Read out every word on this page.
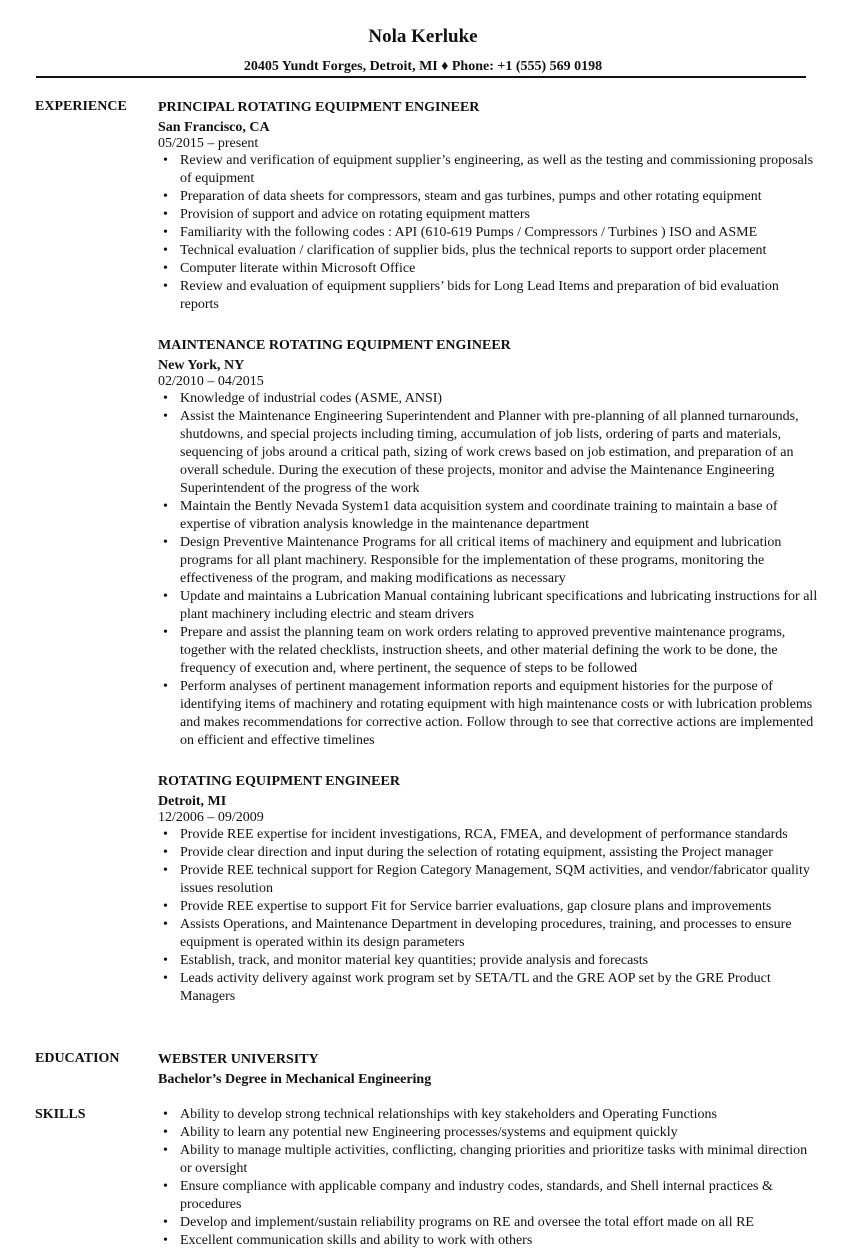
Nola Kerluke
20405 Yundt Forges, Detroit, MI ♦ Phone: +1 (555) 569 0198
EXPERIENCE PRINCIPAL ROTATING EQUIPMENT ENGINEER
San Francisco, CA
05/2015 – present
• Review and verification of equipment supplier’s engineering, as well as the testing and commissioning proposals of equipment
• Preparation of data sheets for compressors, steam and gas turbines, pumps and other rotating equipment
• Provision of support and advice on rotating equipment matters
• Familiarity with the following codes : API (610-619 Pumps / Compressors / Turbines ) ISO and ASME
• Technical evaluation / clarification of supplier bids, plus the technical reports to support order placement
• Computer literate within Microsoft Office
• Review and evaluation of equipment suppliers’ bids for Long Lead Items and preparation of bid evaluation reports
MAINTENANCE ROTATING EQUIPMENT ENGINEER
New York, NY
02/2010 – 04/2015
• Knowledge of industrial codes (ASME, ANSI)
• Assist the Maintenance Engineering Superintendent and Planner with pre-planning of all planned turnarounds, shutdowns, and special projects including timing, accumulation of job lists, ordering of parts and materials, sequencing of jobs around a critical path, sizing of work crews based on job estimation, and preparation of an overall schedule. During the execution of these projects, monitor and advise the Maintenance Engineering Superintendent of the progress of the work
• Maintain the Bently Nevada System1 data acquisition system and coordinate training to maintain a base of expertise of vibration analysis knowledge in the maintenance department
• Design Preventive Maintenance Programs for all critical items of machinery and equipment and lubrication programs for all plant machinery. Responsible for the implementation of these programs, monitoring the effectiveness of the program, and making modifications as necessary
• Update and maintains a Lubrication Manual containing lubricant specifications and lubricating instructions for all plant machinery including electric and steam drivers
• Prepare and assist the planning team on work orders relating to approved preventive maintenance programs, together with the related checklists, instruction sheets, and other material defining the work to be done, the frequency of execution and, where pertinent, the sequence of steps to be followed
• Perform analyses of pertinent management information reports and equipment histories for the purpose of identifying items of machinery and rotating equipment with high maintenance costs or with lubrication problems and makes recommendations for corrective action. Follow through to see that corrective actions are implemented on efficient and effective timelines
ROTATING EQUIPMENT ENGINEER
Detroit, MI
12/2006 – 09/2009
• Provide REE expertise for incident investigations, RCA, FMEA, and development of performance standards
• Provide clear direction and input during the selection of rotating equipment, assisting the Project manager
• Provide REE technical support for Region Category Management, SQM activities, and vendor/fabricator quality issues resolution
• Provide REE expertise to support Fit for Service barrier evaluations, gap closure plans and improvements
• Assists Operations, and Maintenance Department in developing procedures, training, and processes to ensure equipment is operated within its design parameters
• Establish, track, and monitor material key quantities; provide analysis and forecasts
• Leads activity delivery against work program set by SETA/TL and the GRE AOP set by the GRE Product Managers
EDUCATION	WEBSTER UNIVERSITY
Bachelor’s Degree in Mechanical Engineering
SKILLS
•	Ability to develop strong technical relationships with key stakeholders and Operating Functions
• Ability to learn any potential new Engineering processes/systems and equipment quickly
• Ability to manage multiple activities, conflicting, changing priorities and prioritize tasks with minimal direction or oversight
• Ensure compliance with applicable company and industry codes, standards, and Shell internal practices & procedures
• Develop and implement/sustain reliability programs on RE and oversee the total effort made on all RE
• Excellent communication skills and ability to work with others
